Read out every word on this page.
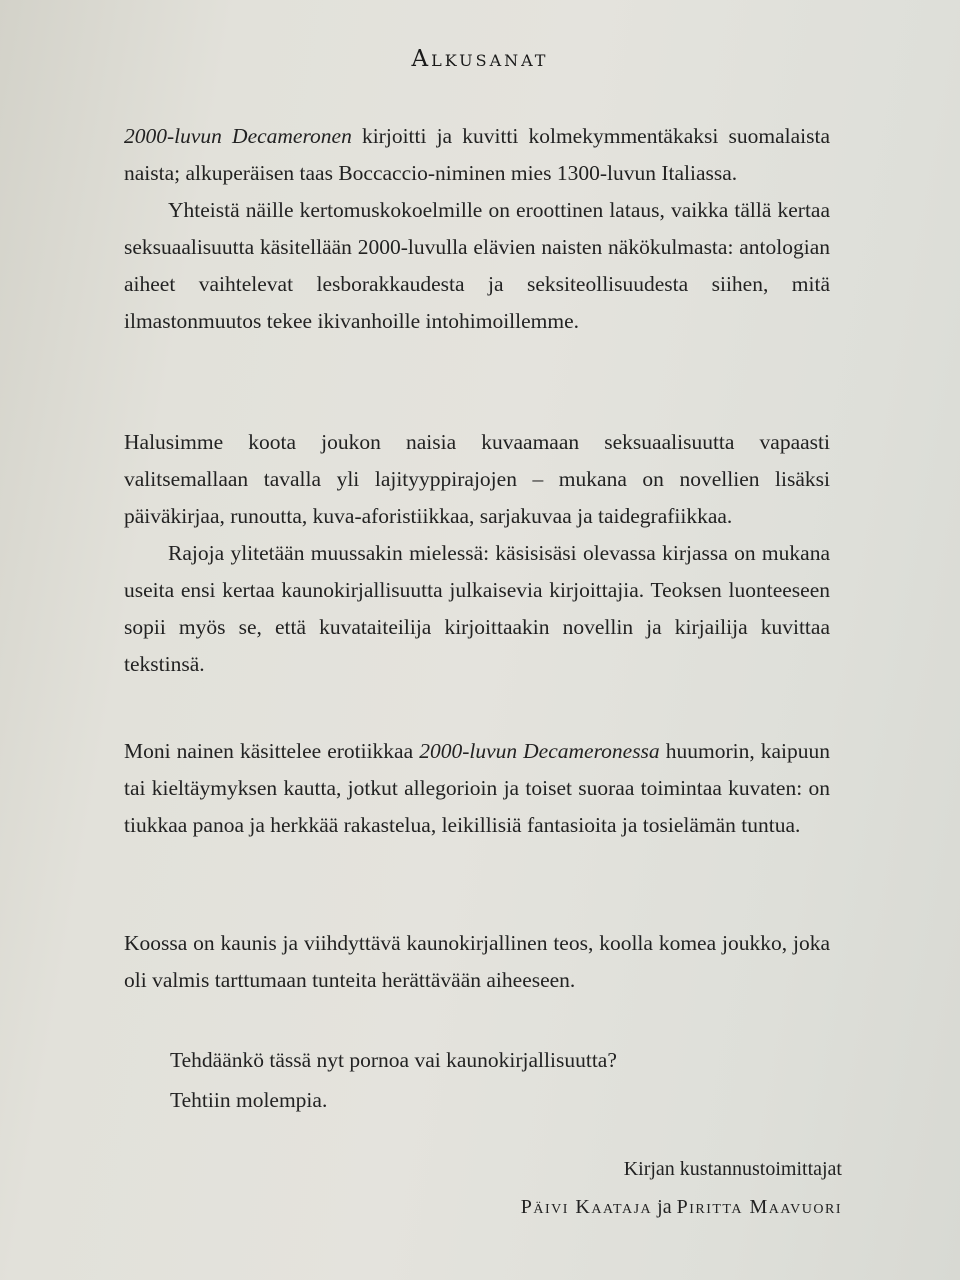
Alkusanat

2000-luvun Decameronen kirjoitti ja kuvitti kolmekymmentäkaksi suomalaista naista; alkuperäisen taas Boccaccio-niminen mies 1300-luvun Italiassa.

Yhteistä näille kertomuskokoelmille on eroottinen lataus, vaikka tällä kertaa seksuaalisuutta käsitellään 2000-luvulla elävien naisten näkökulmasta: antologian aiheet vaihtelevat lesborakkaudesta ja seksiteollisuudesta siihen, mitä ilmastonmuutos tekee ikivanhoille intohimoillemme.

Halusimme koota joukon naisia kuvaamaan seksuaalisuutta vapaasti valitsemallaan tavalla yli lajityyppirajojen – mukana on novellien lisäksi päiväkirjaa, runoutta, kuva-aforistiikkaa, sarjakuvaa ja taidegrafiikkaa.

Rajoja ylitetään muussakin mielessä: käsisisäsi olevassa kirjassa on mukana useita ensi kertaa kaunokirjallisuutta julkaisevia kirjoittajia. Teoksen luonteeseen sopii myös se, että kuvataiteilija kirjoittaakin novellin ja kirjailija kuvittaa tekstinsä.

Moni nainen käsittelee erotiikkaa 2000-luvun Decameronessa huumorin, kaipuun tai kieltäymyksen kautta, jotkut allegorioin ja toiset suoraa toimintaa kuvaten: on tiukkaa panoa ja herkkää rakastelua, leikillisiä fantasioita ja tosielämän tuntua.

Koossa on kaunis ja viihdyttävä kaunokirjallinen teos, koolla komea joukko, joka oli valmis tarttumaan tunteita herättävään aiheeseen.

Tehdäänkö tässä nyt pornoa vai kaunokirjallisuutta?
Tehtiin molempia.
Kirjan kustannustoimittajat
Päivi Kaataja ja Piritta Maavuori
